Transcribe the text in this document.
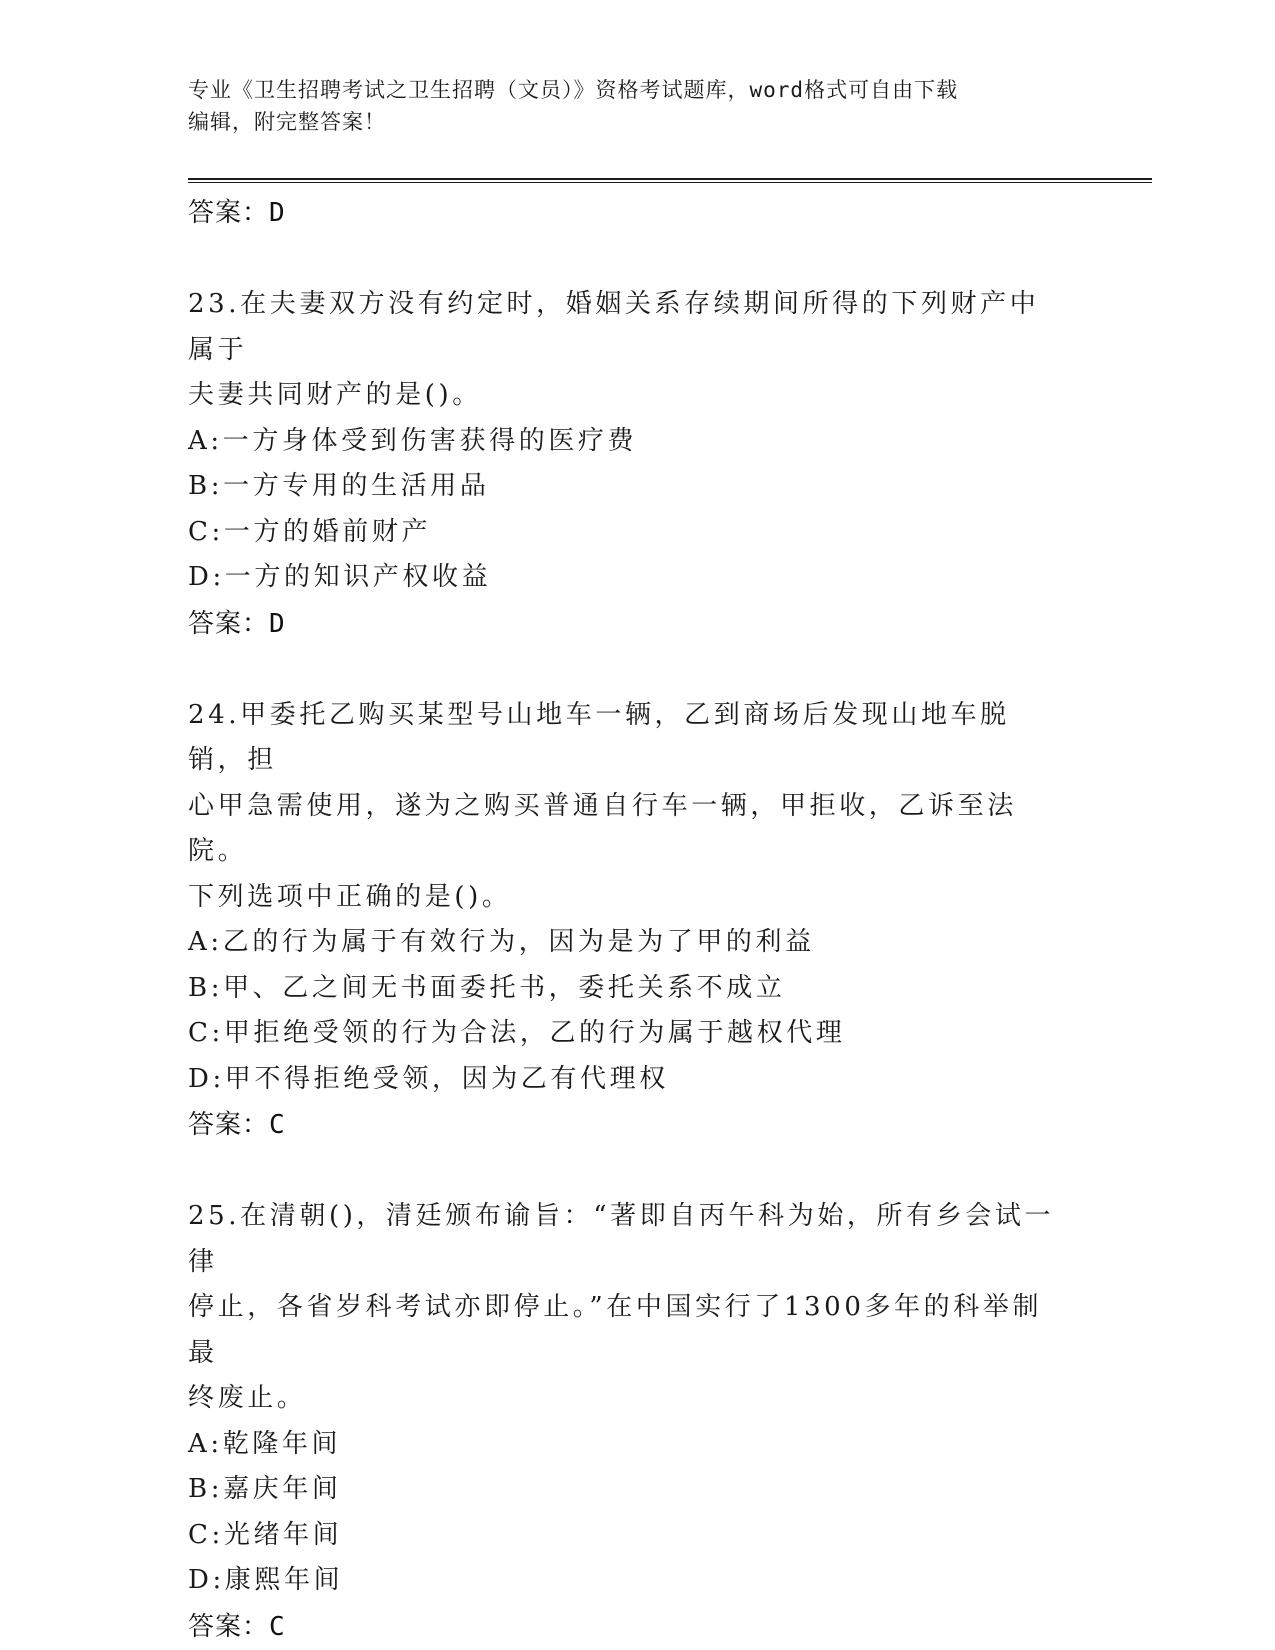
专业《卫生招聘考试之卫生招聘（文员）》资格考试题库，word格式可自由下载
编辑，附完整答案！
答案：D
23.在夫妻双方没有约定时，婚姻关系存续期间所得的下列财产中属于
夫妻共同财产的是()。
A:一方身体受到伤害获得的医疗费
B:一方专用的生活用品
C:一方的婚前财产
D:一方的知识产权收益
答案：D
24.甲委托乙购买某型号山地车一辆，乙到商场后发现山地车脱销，担
心甲急需使用，遂为之购买普通自行车一辆，甲拒收，乙诉至法院。
下列选项中正确的是()。
A:乙的行为属于有效行为，因为是为了甲的利益
B:甲、乙之间无书面委托书，委托关系不成立
C:甲拒绝受领的行为合法，乙的行为属于越权代理
D:甲不得拒绝受领，因为乙有代理权
答案：C
25.在清朝()，清廷颁布谕旨：“著即自丙午科为始，所有乡会试一律
停止，各省岁科考试亦即停止。”在中国实行了1300多年的科举制最
终废止。
A:乾隆年间
B:嘉庆年间
C:光绪年间
D:康熙年间
答案：C
